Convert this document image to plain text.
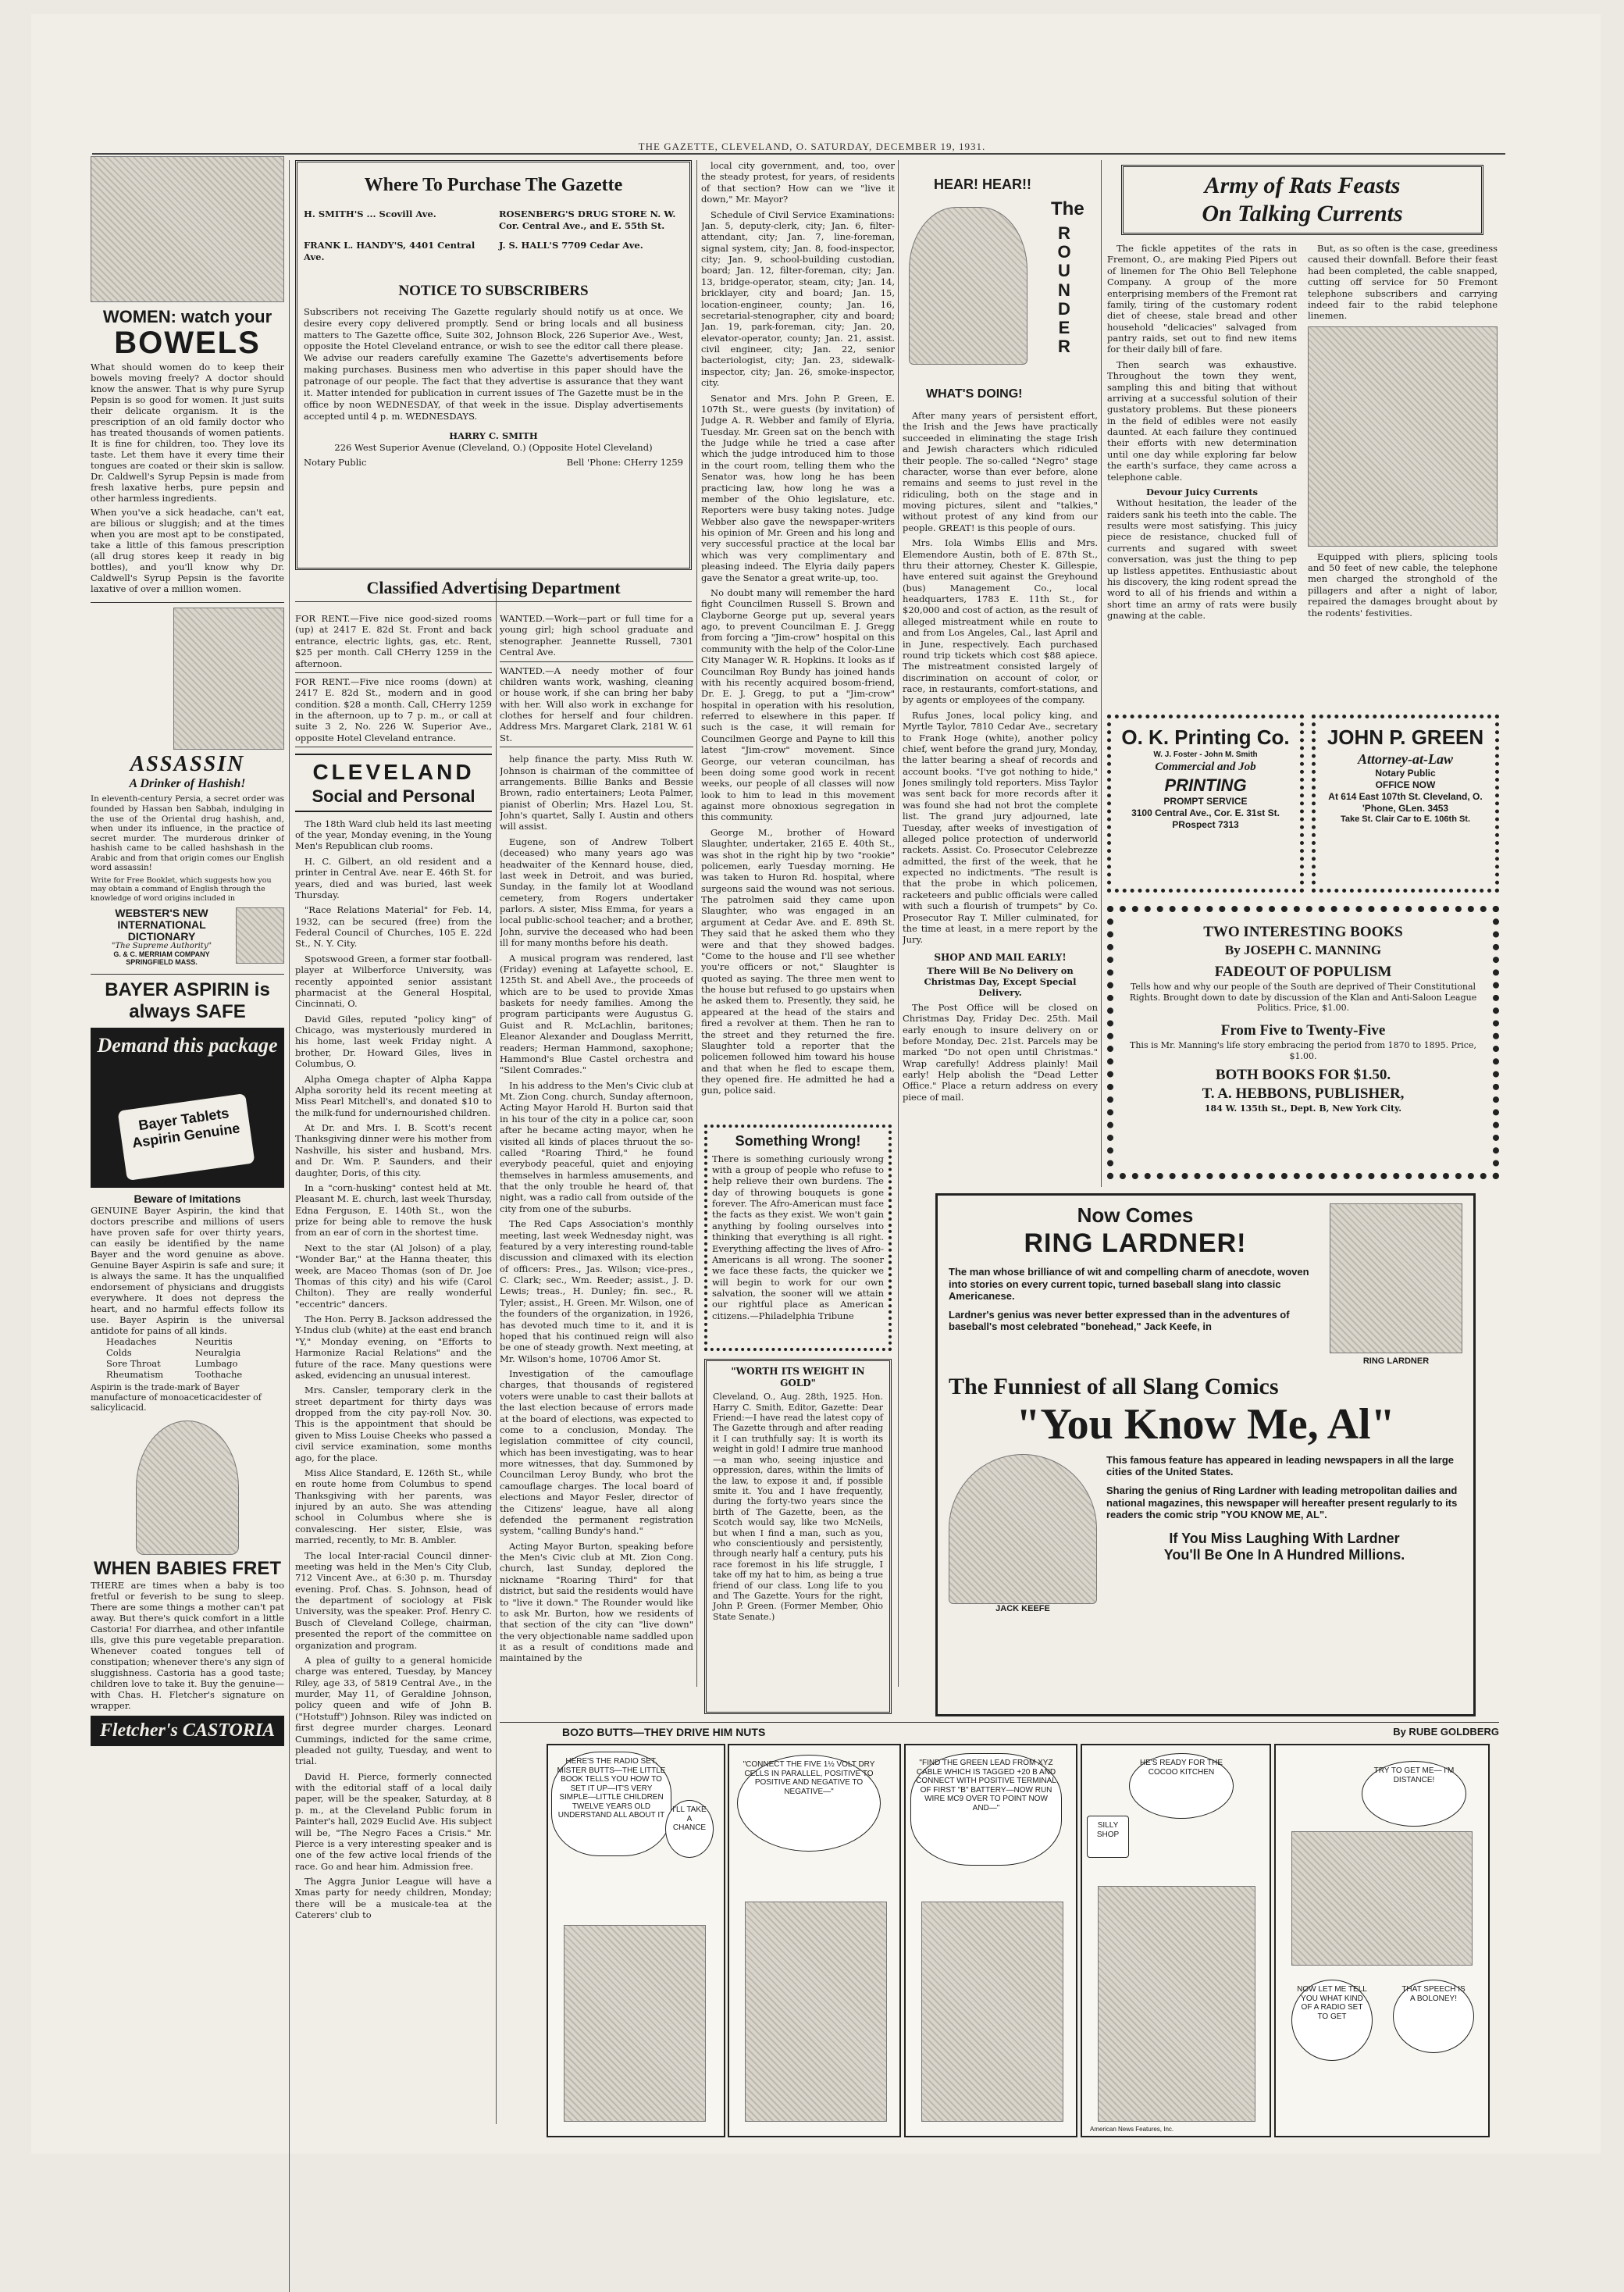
THE GAZETTE, CLEVELAND, O. SATURDAY, DECEMBER 19, 1931.
WOMEN: watch your
BOWELS
What should women do to keep their bowels moving freely? A doctor should know the answer. That is why pure Syrup Pepsin is so good for women. It just suits their delicate organism. It is the prescription of an old family doctor who has treated thousands of women patients. It is fine for children, too. They love its taste. Let them have it every time their tongues are coated or their skin is sallow. Dr. Caldwell's Syrup Pepsin is made from fresh laxative herbs, pure pepsin and other harmless ingredients.
When you've a sick headache, can't eat, are bilious or sluggish; and at the times when you are most apt to be constipated, take a little of this famous prescription (all drug stores keep it ready in big bottles), and you'll know why Dr. Caldwell's Syrup Pepsin is the favorite laxative of over a million women.
ASSASSIN
A Drinker of Hashish!
In eleventh-century Persia, a secret order was founded by Hassan ben Sabbah, indulging in the use of the Oriental drug hashish, and, when under its influence, in the practice of secret murder. The murderous drinker of hashish came to be called hashshash in the Arabic and from that origin comes our English word assassin!
Write for Free Booklet, which suggests how you may obtain a command of English through the knowledge of word origins included in
WEBSTER'S NEW INTERNATIONAL DICTIONARY
"The Supreme Authority"
G. & C. MERRIAM COMPANY SPRINGFIELD MASS.
BAYER ASPIRIN is always SAFE
Demand this package
Bayer Tablets Aspirin Genuine
Beware of Imitations
GENUINE Bayer Aspirin, the kind that doctors prescribe and millions of users have proven safe for over thirty years, can easily be identified by the name Bayer and the word genuine as above. Genuine Bayer Aspirin is safe and sure; it is always the same. It has the unqualified endorsement of physicians and druggists everywhere. It does not depress the heart, and no harmful effects follow its use. Bayer Aspirin is the universal antidote for pains of all kinds.
Headaches	Neuritis
Colds	Neuralgia
Sore Throat	Lumbago
Rheumatism	Toothache
Aspirin is the trade-mark of Bayer manufacture of monoaceticacidester of salicylicacid.
WHEN BABIES FRET
THERE are times when a baby is too fretful or feverish to be sung to sleep. There are some things a mother can't pat away. But there's quick comfort in a little Castoria! For diarrhea, and other infantile ills, give this pure vegetable preparation. Whenever coated tongues tell of constipation; whenever there's any sign of sluggishness. Castoria has a good taste; children love to take it. Buy the genuine—with Chas. H. Fletcher's signature on wrapper.
Fletcher's CASTORIA
Where To Purchase The Gazette
H. SMITH'S ... Scovill Ave.	ROSENBERG'S DRUG STORE N. W. Cor. Central Ave., and E. 55th St.
FRANK L. HANDY'S, 4401 Central Ave.
J. S. HALL'S 7709 Cedar Ave.
NOTICE TO SUBSCRIBERS
Subscribers not receiving The Gazette regularly should notify us at once. We desire every copy delivered promptly. Send or bring locals and all business matters to The Gazette office, Suite 302, Johnson Block, 226 Superior Ave., West, opposite the Hotel Cleveland entrance, or wish to see the editor call there please. We advise our readers carefully examine The Gazette's advertisements before making purchases. Business men who advertise in this paper should have the patronage of our people. The fact that they advertise is assurance that they want it. Matter intended for publication in current issues of The Gazette must be in the office by noon WEDNESDAY, of that week in the issue. Display advertisements accepted until 4 p. m. WEDNESDAYS.
HARRY C. SMITH
226 West Superior Avenue (Cleveland, O.) (Opposite Hotel Cleveland)
Notary Public	Bell 'Phone: CHerry 1259
Classified Advertising Department
FOR RENT.—Five nice good-sized rooms (up) at 2417 E. 82d St. Front and back entrance, electric lights, gas, etc. Rent, $25 per month. Call CHerry 1259 in the afternoon.
FOR RENT.—Five nice rooms (down) at 2417 E. 82d St., modern and in good condition. $28 a month. Call, CHerry 1259 in the afternoon, up to 7 p. m., or call at suite 3 2, No. 226 W. Superior Ave., opposite Hotel Cleveland entrance.
CLEVELAND
Social and Personal

The 18th Ward club held its last meeting of the year, Monday evening, in the Young Men's Republican club rooms.

H. C. Gilbert, an old resident and a printer in Central Ave. near E. 46th St. for years, died and was buried, last week Thursday.

"Race Relations Material" for Feb. 14, 1932, can be secured (free) from the Federal Council of Churches, 105 E. 22d St., N. Y. City.

Spotswood Green, a former star football-player at Wilberforce University, was recently appointed senior assistant pharmacist at the General Hospital, Cincinnati, O.

David Giles, reputed "policy king" of Chicago, was mysteriously murdered in his home, last week Friday night. A brother, Dr. Howard Giles, lives in Columbus, O.

Alpha Omega chapter of Alpha Kappa Alpha sorority held its recent meeting at Miss Pearl Mitchell's, and donated $10 to the milk-fund for undernourished children.

At Dr. and Mrs. I. B. Scott's recent Thanksgiving dinner were his mother from Nashville, his sister and husband, Mrs. and Dr. Wm. P. Saunders, and their daughter, Doris, of this city.

In a "corn-husking" contest held at Mt. Pleasant M. E. church, last week Thursday, Edna Ferguson, E. 140th St., won the prize for being able to remove the husk from an ear of corn in the shortest time.

Next to the star (Al Jolson) of a play, "Wonder Bar," at the Hanna theater, this week, are Maceo Thomas (son of Dr. Joe Thomas of this city) and his wife (Carol Chilton). They are really wonderful "eccentric" dancers.

The Hon. Perry B. Jackson addressed the Y-Indus club (white) at the east end branch "Y," Monday evening, on "Efforts to Harmonize Racial Relations" and the future of the race. Many questions were asked, evidencing an unusual interest.

Mrs. Cansler, temporary clerk in the street department for thirty days was dropped from the city pay-roll Nov. 30. This is the appointment that should be given to Miss Louise Cheeks who passed a civil service examination, some months ago, for the place.

Miss Alice Standard, E. 126th St., while en route home from Columbus to spend Thanksgiving with her parents, was injured by an auto. She was attending school in Columbus where she is convalescing. Her sister, Elsie, was married, recently, to Mr. B. Ambler.

The local Inter-racial Council dinner-meeting was held in the Men's City Club, 712 Vincent Ave., at 6:30 p. m. Thursday evening. Prof. Chas. S. Johnson, head of the department of sociology at Fisk University, was the speaker. Prof. Henry C. Busch of Cleveland College, chairman, presented the report of the committee on organization and program.

A plea of guilty to a general homicide charge was entered, Tuesday, by Mancey Riley, age 33, of 5819 Central Ave., in the murder, May 11, of Geraldine Johnson, policy queen and wife of John B. ("Hotstuff") Johnson. Riley was indicted on first degree murder charges. Leonard Cummings, indicted for the same crime, pleaded not guilty, Tuesday, and went to trial.

David H. Pierce, formerly connected with the editorial staff of a local daily paper, will be the speaker, Saturday, at 8 p. m., at the Cleveland Public forum in Painter's hall, 2029 Euclid Ave. His subject will be, "The Negro Faces a Crisis." Mr. Pierce is a very interesting speaker and is one of the few active local friends of the race. Go and hear him. Admission free.

The Aggra Junior League will have a Xmas party for needy children, Monday; there will be a musicale-tea at the Caterers' club to

WANTED.—Work—part or full time for a young girl; high school graduate and stenographer. Jeannette Russell, 7301 Central Ave.
WANTED.—A needy mother of four children wants work, washing, cleaning or house work, if she can bring her baby with her. Will also work in exchange for clothes for herself and four children. Address Mrs. Margaret Clark, 2181 W. 61 St.

help finance the party. Miss Ruth W. Johnson is chairman of the committee of arrangements. Billie Banks and Bessie Brown, radio entertainers; Leota Palmer, pianist of Oberlin; Mrs. Hazel Lou, St. John's quartet, Sally I. Austin and others will assist.

Eugene, son of Andrew Tolbert (deceased) who many years ago was headwaiter of the Kennard house, died, last week in Detroit, and was buried, Sunday, in the family lot at Woodland cemetery, from Rogers undertaker parlors. A sister, Miss Emma, for years a local public-school teacher; and a brother, John, survive the deceased who had been ill for many months before his death.

A musical program was rendered, last (Friday) evening at Lafayette school, E. 125th St. and Abell Ave., the proceeds of which are to be used to provide Xmas baskets for needy families. Among the program participants were Augustus G. Guist and R. McLachlin, baritones; Eleanor Alexander and Douglass Merritt, readers; Herman Hammond, saxophone; Hammond's Blue Castel orchestra and "Silent Comrades."

In his address to the Men's Civic club at Mt. Zion Cong. church, Sunday afternoon, Acting Mayor Harold H. Burton said that in his tour of the city in a police car, soon after he became acting mayor, when he visited all kinds of places thruout the so-called "Roaring Third," he found everybody peaceful, quiet and enjoying themselves in harmless amusements, and that the only trouble he heard of, that night, was a radio call from outside of the city from one of the suburbs.

The Red Caps Association's monthly meeting, last week Wednesday night, was featured by a very interesting round-table discussion and climaxed with its election of officers: Pres., Jas. Wilson; vice-pres., C. Clark; sec., Wm. Reeder; assist., J. D. Lewis; treas., H. Dunley; fin. sec., R. Tyler; assist., H. Green. Mr. Wilson, one of the founders of the organization, in 1926, has devoted much time to it, and it is hoped that his continued reign will also be one of steady growth. Next meeting, at Mr. Wilson's home, 10706 Amor St.

Investigation of the camouflage charges, that thousands of registered voters were unable to cast their ballots at the last election because of errors made at the board of elections, was expected to come to a conclusion, Monday. The legislation committee of city council, which has been investigating, was to hear more witnesses, that day. Summoned by Councilman Leroy Bundy, who brot the camouflage charges. The local board of elections and Mayor Fesler, director of the Citizens' league, have all along defended the permanent registration system, "calling Bundy's hand."

Acting Mayor Burton, speaking before the Men's Civic club at Mt. Zion Cong. church, last Sunday, deplored the nickname "Roaring Third" for that district, but said the residents would have to "live it down." The Rounder would like to ask Mr. Burton, how we residents of that section of the city can "live down" the very objectionable name saddled upon it as a result of conditions made and maintained by the

local city government, and, too, over the steady protest, for years, of residents of that section? How can we "live it down," Mr. Mayor?

Schedule of Civil Service Examinations: Jan. 5, deputy-clerk, city; Jan. 6, filter-attendant, city; Jan. 7, line-foreman, signal system, city; Jan. 8, food-inspector, city; Jan. 9, school-building custodian, board; Jan. 12, filter-foreman, city; Jan. 13, bridge-operator, steam, city; Jan. 14, bricklayer, city and board; Jan. 15, location-engineer, county; Jan. 16, secretarial-stenographer, city and board; Jan. 19, park-foreman, city; Jan. 20, elevator-operator, county; Jan. 21, assist. civil engineer, city; Jan. 22, senior bacteriologist, city; Jan. 23, sidewalk-inspector, city; Jan. 26, smoke-inspector, city.

Senator and Mrs. John P. Green, E. 107th St., were guests (by invitation) of Judge A. R. Webber and family of Elyria, Tuesday. Mr. Green sat on the bench with the Judge while he tried a case after which the judge introduced him to those in the court room, telling them who the Senator was, how long he has been practicing law, how long he was a member of the Ohio legislature, etc. Reporters were busy taking notes. Judge Webber also gave the newspaper-writers his opinion of Mr. Green and his long and very successful practice at the local bar which was very complimentary and pleasing indeed. The Elyria daily papers gave the Senator a great write-up, too.

No doubt many will remember the hard fight Councilmen Russell S. Brown and Clayborne George put up, several years ago, to prevent Councilman E. J. Gregg from forcing a "Jim-crow" hospital on this community with the help of the Color-Line City Manager W. R. Hopkins. It looks as if Councilman Roy Bundy has joined hands with his recently acquired bosom-friend, Dr. E. J. Gregg, to put a "Jim-crow" hospital in operation with his resolution, referred to elsewhere in this paper. If such is the case, it will remain for Councilmen George and Payne to kill this latest "Jim-crow" movement. Since George, our veteran councilman, has been doing some good work in recent weeks, our people of all classes will now look to him to lead in this movement against more obnoxious segregation in this community.

George M., brother of Howard Slaughter, undertaker, 2165 E. 40th St., was shot in the right hip by two "rookie" policemen, early Tuesday morning. He was taken to Huron Rd. hospital, where surgeons said the wound was not serious. The patrolmen said they came upon Slaughter, who was engaged in an argument at Cedar Ave. and E. 89th St. They said that he asked them who they were and that they showed badges. "Come to the house and I'll see whether you're officers or not," Slaughter is quoted as saying. The three men went to the house but refused to go upstairs when he asked them to. Presently, they said, he appeared at the head of the stairs and fired a revolver at them. Then he ran to the street and they returned the fire. Slaughter told a reporter that the policemen followed him toward his house and that when he fled to escape them, they opened fire. He admitted he had a gun, police said.

Something Wrong!
There is something curiously wrong with a group of people who refuse to help relieve their own burdens. The day of throwing bouquets is gone forever. The Afro-American must face the facts as they exist. We won't gain anything by fooling ourselves into thinking that everything is all right. Everything affecting the lives of Afro-Americans is all wrong. The sooner we face these facts, the quicker we will begin to work for our own salvation, the sooner will we attain our rightful place as American citizens.—Philadelphia Tribune
"WORTH ITS WEIGHT IN GOLD"
Cleveland, O., Aug. 28th, 1925. Hon. Harry C. Smith, Editor, Gazette: Dear Friend:—I have read the latest copy of The Gazette through and after reading it I can truthfully say: It is worth its weight in gold! I admire true manhood—a man who, seeing injustice and oppression, dares, within the limits of the law, to expose it and, if possible smite it. You and I have frequently, during the forty-two years since the birth of The Gazette, been, as the Scotch would say, like two McNeils, but when I find a man, such as you, who conscientiously and persistently, through nearly half a century, puts his race foremost in his life struggle, I take off my hat to him, as being a true friend of our class. Long life to you and The Gazette. Yours for the right, John P. Green. (Former Member, Ohio State Senate.)
HEAR! HEAR!!
The
ROUNDER
WHAT'S DOING!

After many years of persistent effort, the Irish and the Jews have practically succeeded in eliminating the stage Irish and Jewish characters which ridiculed their people. The so-called "Negro" stage character, worse than ever before, alone remains and seems to just revel in the ridiculing, both on the stage and in moving pictures, silent and "talkies," without protest of any kind from our people. GREAT! is this people of ours.

Mrs. Iola Wimbs Ellis and Mrs. Elemendore Austin, both of E. 87th St., thru their attorney, Chester K. Gillespie, have entered suit against the Greyhound (bus) Management Co., local headquarters, 1783 E. 11th St., for $20,000 and cost of action, as the result of alleged mistreatment while en route to and from Los Angeles, Cal., last April and in June, respectively. Each purchased round trip tickets which cost $88 apiece. The mistreatment consisted largely of discrimination on account of color, or race, in restaurants, comfort-stations, and by agents or employees of the company.

Rufus Jones, local policy king, and Myrtle Taylor, 7810 Cedar Ave., secretary to Frank Hoge (white), another policy chief, went before the grand jury, Monday, the latter bearing a sheaf of records and account books. "I've got nothing to hide," Jones smilingly told reporters. Miss Taylor was sent back for more records after it was found she had not brot the complete list. The grand jury adjourned, late Tuesday, after weeks of investigation of alleged police protection of underworld rackets. Assist. Co. Prosecutor Celebrezze admitted, the first of the week, that he expected no indictments. "The result is that the probe in which policemen, racketeers and public officials were called with such a flourish of trumpets" by Co. Prosecutor Ray T. Miller culminated, for the time at least, in a mere report by the Jury.

SHOP AND MAIL EARLY!
There Will Be No Delivery on Christmas Day, Except Special Delivery.

The Post Office will be closed on Christmas Day, Friday Dec. 25th. Mail early enough to insure delivery on or before Monday, Dec. 21st. Parcels may be marked "Do not open until Christmas." Wrap carefully! Address plainly! Mail early! Help abolish the "Dead Letter Office." Place a return address on every piece of mail.

Army of Rats Feasts
On Talking Currents

The fickle appetites of the rats in Fremont, O., are making Pied Pipers out of linemen for The Ohio Bell Telephone Company. A group of the more enterprising members of the Fremont rat family, tiring of the customary rodent diet of cheese, stale bread and other household "delicacies" salvaged from pantry raids, set out to find new items for their daily bill of fare.

Then search was exhaustive. Throughout the town they went, sampling this and biting that without arriving at a successful solution of their gustatory problems. But these pioneers in the field of edibles were not easily daunted. At each failure they continued their efforts with new determination until one day while exploring far below the earth's surface, they came across a telephone cable.

Devour Juicy Currents

Without hesitation, the leader of the raiders sank his teeth into the cable. The results were most satisfying. This juicy piece de resistance, chucked full of currents and sugared with sweet conversation, was just the thing to pep up listless appetites. Enthusiastic about his discovery, the king rodent spread the word to all of his friends and within a short time an army of rats were busily gnawing at the cable.

But, as so often is the case, greediness caused their downfall. Before their feast had been completed, the cable snapped, cutting off service for 50 Fremont telephone subscribers and carrying indeed fair to the rabid telephone linemen.

Equipped with pliers, splicing tools and 50 feet of new cable, the telephone men charged the stronghold of the pillagers and after a night of labor, repaired the damages brought about by the rodents' festivities.

O. K. Printing Co.
W. J. Foster - John M. Smith
Commercial and Job
PRINTING
PROMPT SERVICE
3100 Central Ave., Cor. E. 31st St.
PRospect 7313
JOHN P. GREEN
Attorney-at-Law
Notary Public
OFFICE NOW
At 614 East 107th St. Cleveland, O.
'Phone, GLen. 3453
Take St. Clair Car to E. 106th St.
TWO INTERESTING BOOKS
By JOSEPH C. MANNING
FADEOUT OF POPULISM
Tells how and why our people of the South are deprived of Their Constitutional Rights. Brought down to date by discussion of the Klan and Anti-Saloon League Politics. Price, $1.00.
From Five to Twenty-Five
This is Mr. Manning's life story embracing the period from 1870 to 1895. Price, $1.00.
BOTH BOOKS FOR $1.50.
T. A. HEBBONS, PUBLISHER,
184 W. 135th St., Dept. B, New York City.
Now Comes
RING LARDNER!
The man whose brilliance of wit and compelling charm of anecdote, woven into stories on every current topic, turned baseball slang into classic Americanese.
Lardner's genius was never better expressed than in the adventures of baseball's most celebrated "bonehead," Jack Keefe, in
RING LARDNER
The Funniest of all Slang Comics
"You Know Me, Al"
JACK KEEFE
This famous feature has appeared in leading newspapers in all the large cities of the United States.
Sharing the genius of Ring Lardner with leading metropolitan dailies and national magazines, this newspaper will hereafter present regularly to its readers the comic strip "YOU KNOW ME, AL".
If You Miss Laughing With Lardner
You'll Be One In A Hundred Millions.
BOZO BUTTS—THEY DRIVE HIM NUTS	By RUBE GOLDBERG
HERE'S THE RADIO SET, MISTER BUTTS—THE LITTLE BOOK TELLS YOU HOW TO SET IT UP—IT'S VERY SIMPLE—LITTLE CHILDREN TWELVE YEARS OLD UNDERSTAND ALL ABOUT IT
I'LL TAKE A CHANCE
"CONNECT THE FIVE 1½ VOLT DRY CELLS IN PARALLEL, POSITIVE TO POSITIVE AND NEGATIVE TO NEGATIVE—"
"FIND THE GREEN LEAD FROM XYZ CABLE WHICH IS TAGGED +20 B AND CONNECT WITH POSITIVE TERMINAL OF FIRST "B" BATTERY—NOW RUN WIRE MC9 OVER TO POINT NOW AND—"
HE'S READY FOR THE COCOO KITCHEN
SILLY SHOP
American News Features, Inc.
TRY TO GET ME— I'M DISTANCE!
NOW LET ME TELL YOU WHAT KIND OF A RADIO SET TO GET
THAT SPEECH IS A BOLONEY!
